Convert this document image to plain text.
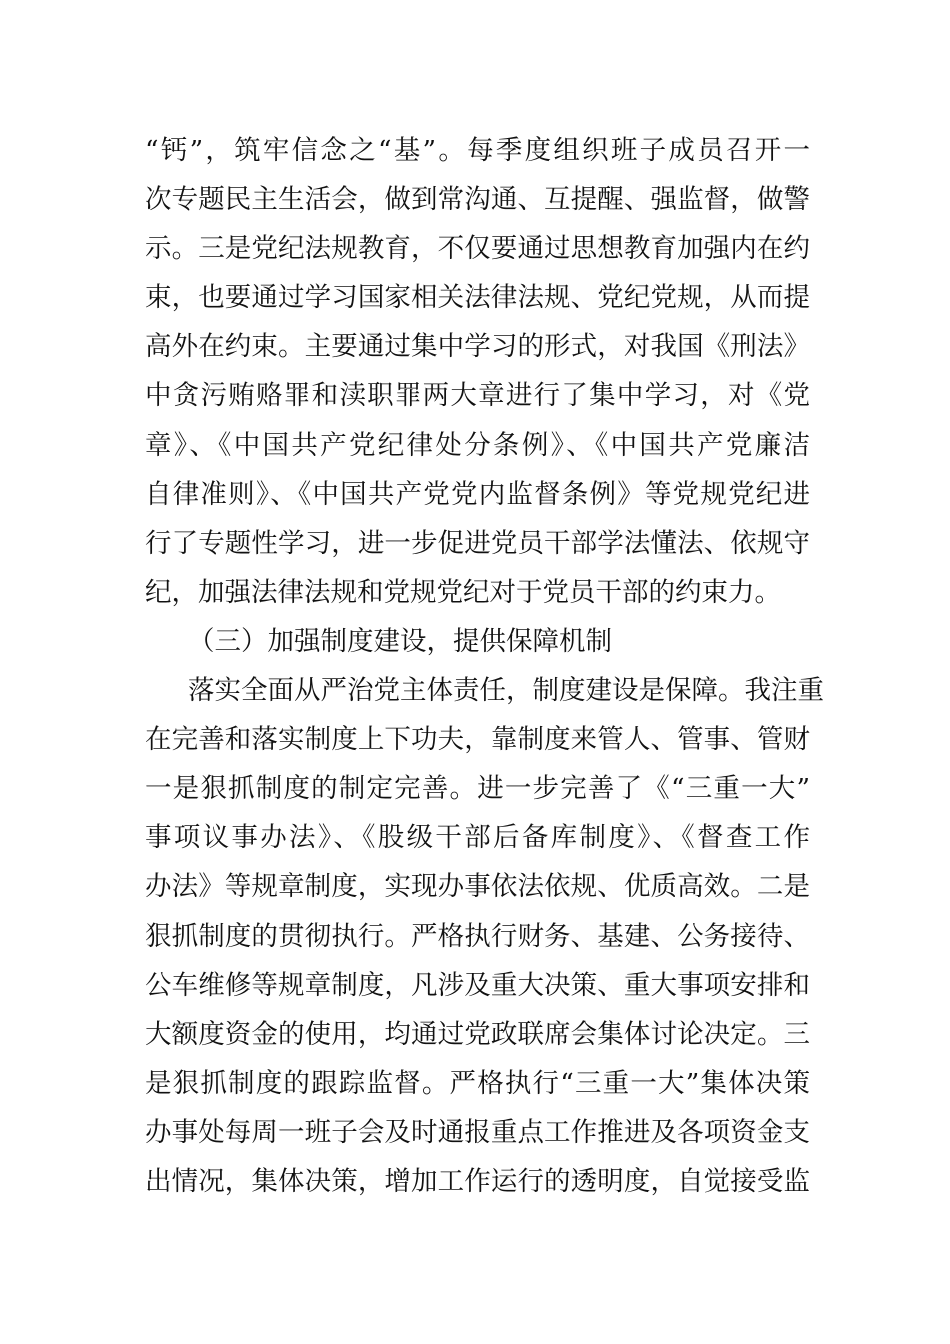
“钙”，筑牢信念之“基”。每季度组织班子成员召开一
次专题民主生活会，做到常沟通、互提醒、强监督，做警
示。三是党纪法规教育，不仅要通过思想教育加强内在约
束，也要通过学习国家相关法律法规、党纪党规，从而提
高外在约束。主要通过集中学习的形式，对我国《刑法》
中贪污贿赂罪和渎职罪两大章进行了集中学习，对《党
章》、《中国共产党纪律处分条例》、《中国共产党廉洁
自律准则》、《中国共产党党内监督条例》等党规党纪进
行了专题性学习，进一步促进党员干部学法懂法、依规守
纪，加强法律法规和党规党纪对于党员干部的约束力。
（三）加强制度建设，提供保障机制
落实全面从严治党主体责任，制度建设是保障。我注重
在完善和落实制度上下功夫，靠制度来管人、管事、管财
一是狠抓制度的制定完善。进一步完善了《“三重一大”
事项议事办法》、《股级干部后备库制度》、《督查工作
办法》等规章制度，实现办事依法依规、优质高效。二是
狠抓制度的贯彻执行。严格执行财务、基建、公务接待、
公车维修等规章制度，凡涉及重大决策、重大事项安排和
大额度资金的使用，均通过党政联席会集体讨论决定。三
是狠抓制度的跟踪监督。严格执行“三重一大”集体决策
办事处每周一班子会及时通报重点工作推进及各项资金支
出情况，集体决策，增加工作运行的透明度，自觉接受监
